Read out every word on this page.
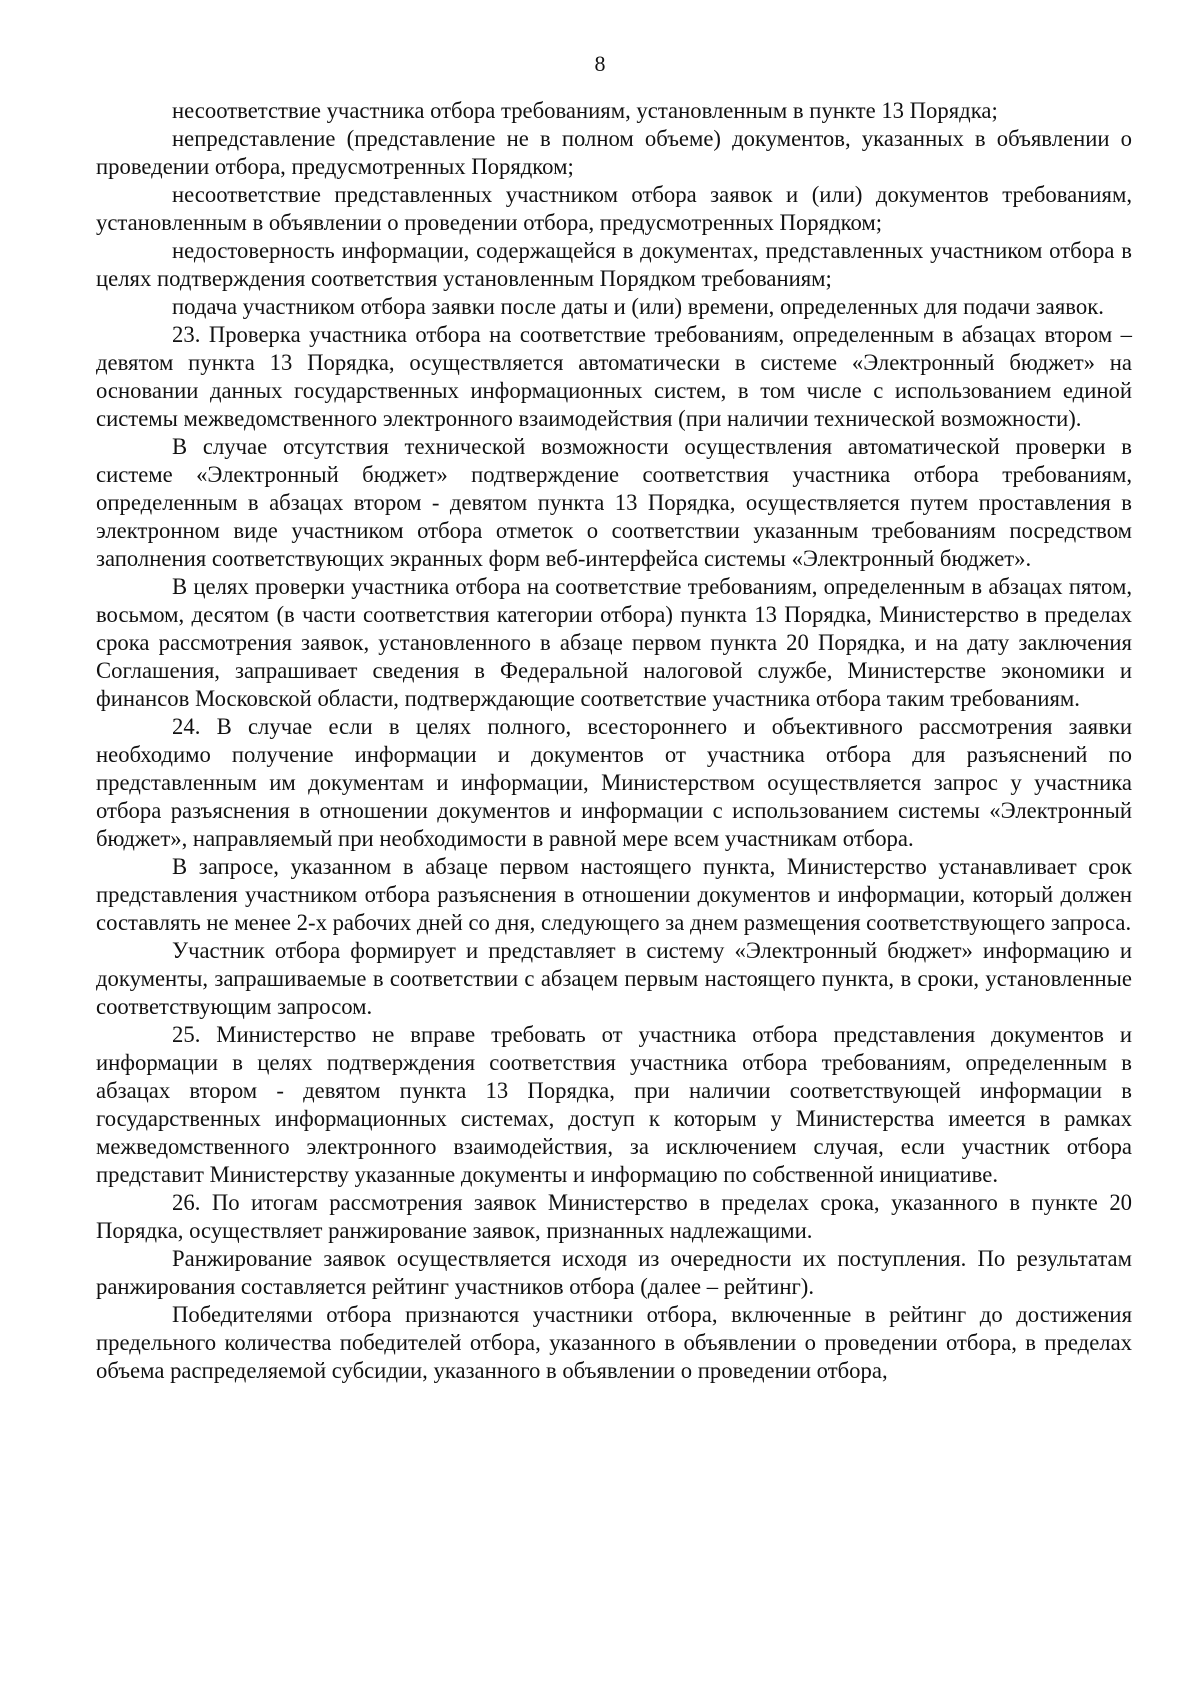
8

несоответствие участника отбора требованиям, установленным в пункте 13 Порядка;

непредставление (представление не в полном объеме) документов, указанных в объявлении о проведении отбора, предусмотренных Порядком;

несоответствие представленных участником отбора заявок и (или) документов требованиям, установленным в объявлении о проведении отбора, предусмотренных Порядком;

недостоверность информации, содержащейся в документах, представленных участником отбора в целях подтверждения соответствия установленным Порядком требованиям;

подача участником отбора заявки после даты и (или) времени, определенных для подачи заявок.

23. Проверка участника отбора на соответствие требованиям, определенным в абзацах втором – девятом пункта 13 Порядка, осуществляется автоматически в системе «Электронный бюджет» на основании данных государственных информационных систем, в том числе с использованием единой системы межведомственного электронного взаимодействия (при наличии технической возможности).

В случае отсутствия технической возможности осуществления автоматической проверки в системе «Электронный бюджет» подтверждение соответствия участника отбора требованиям, определенным в абзацах втором - девятом пункта 13 Порядка, осуществляется путем проставления в электронном виде участником отбора отметок о соответствии указанным требованиям посредством заполнения соответствующих экранных форм веб-интерфейса системы «Электронный бюджет».

В целях проверки участника отбора на соответствие требованиям, определенным в абзацах пятом, восьмом, десятом (в части соответствия категории отбора) пункта 13 Порядка, Министерство в пределах срока рассмотрения заявок, установленного в абзаце первом пункта 20 Порядка, и на дату заключения Соглашения, запрашивает сведения в Федеральной налоговой службе, Министерстве экономики и финансов Московской области, подтверждающие соответствие участника отбора таким требованиям.

24. В случае если в целях полного, всестороннего и объективного рассмотрения заявки необходимо получение информации и документов от участника отбора для разъяснений по представленным им документам и информации, Министерством осуществляется запрос у участника отбора разъяснения в отношении документов и информации с использованием системы «Электронный бюджет», направляемый при необходимости в равной мере всем участникам отбора.

В запросе, указанном в абзаце первом настоящего пункта, Министерство устанавливает срок представления участником отбора разъяснения в отношении документов и информации, который должен составлять не менее 2-х рабочих дней со дня, следующего за днем размещения соответствующего запроса.

Участник отбора формирует и представляет в систему «Электронный бюджет» информацию и документы, запрашиваемые в соответствии с абзацем первым настоящего пункта, в сроки, установленные соответствующим запросом.

25. Министерство не вправе требовать от участника отбора представления документов и информации в целях подтверждения соответствия участника отбора требованиям, определенным в абзацах втором - девятом пункта 13 Порядка, при наличии соответствующей информации в государственных информационных системах, доступ к которым у Министерства имеется в рамках межведомственного электронного взаимодействия, за исключением случая, если участник отбора представит Министерству указанные документы и информацию по собственной инициативе.

26. По итогам рассмотрения заявок Министерство в пределах срока, указанного в пункте 20 Порядка, осуществляет ранжирование заявок, признанных надлежащими.

Ранжирование заявок осуществляется исходя из очередности их поступления. По результатам ранжирования составляется рейтинг участников отбора (далее – рейтинг).

Победителями отбора признаются участники отбора, включенные в рейтинг до достижения предельного количества победителей отбора, указанного в объявлении о проведении отбора, в пределах объема распределяемой субсидии, указанного в объявлении о проведении отбора,
